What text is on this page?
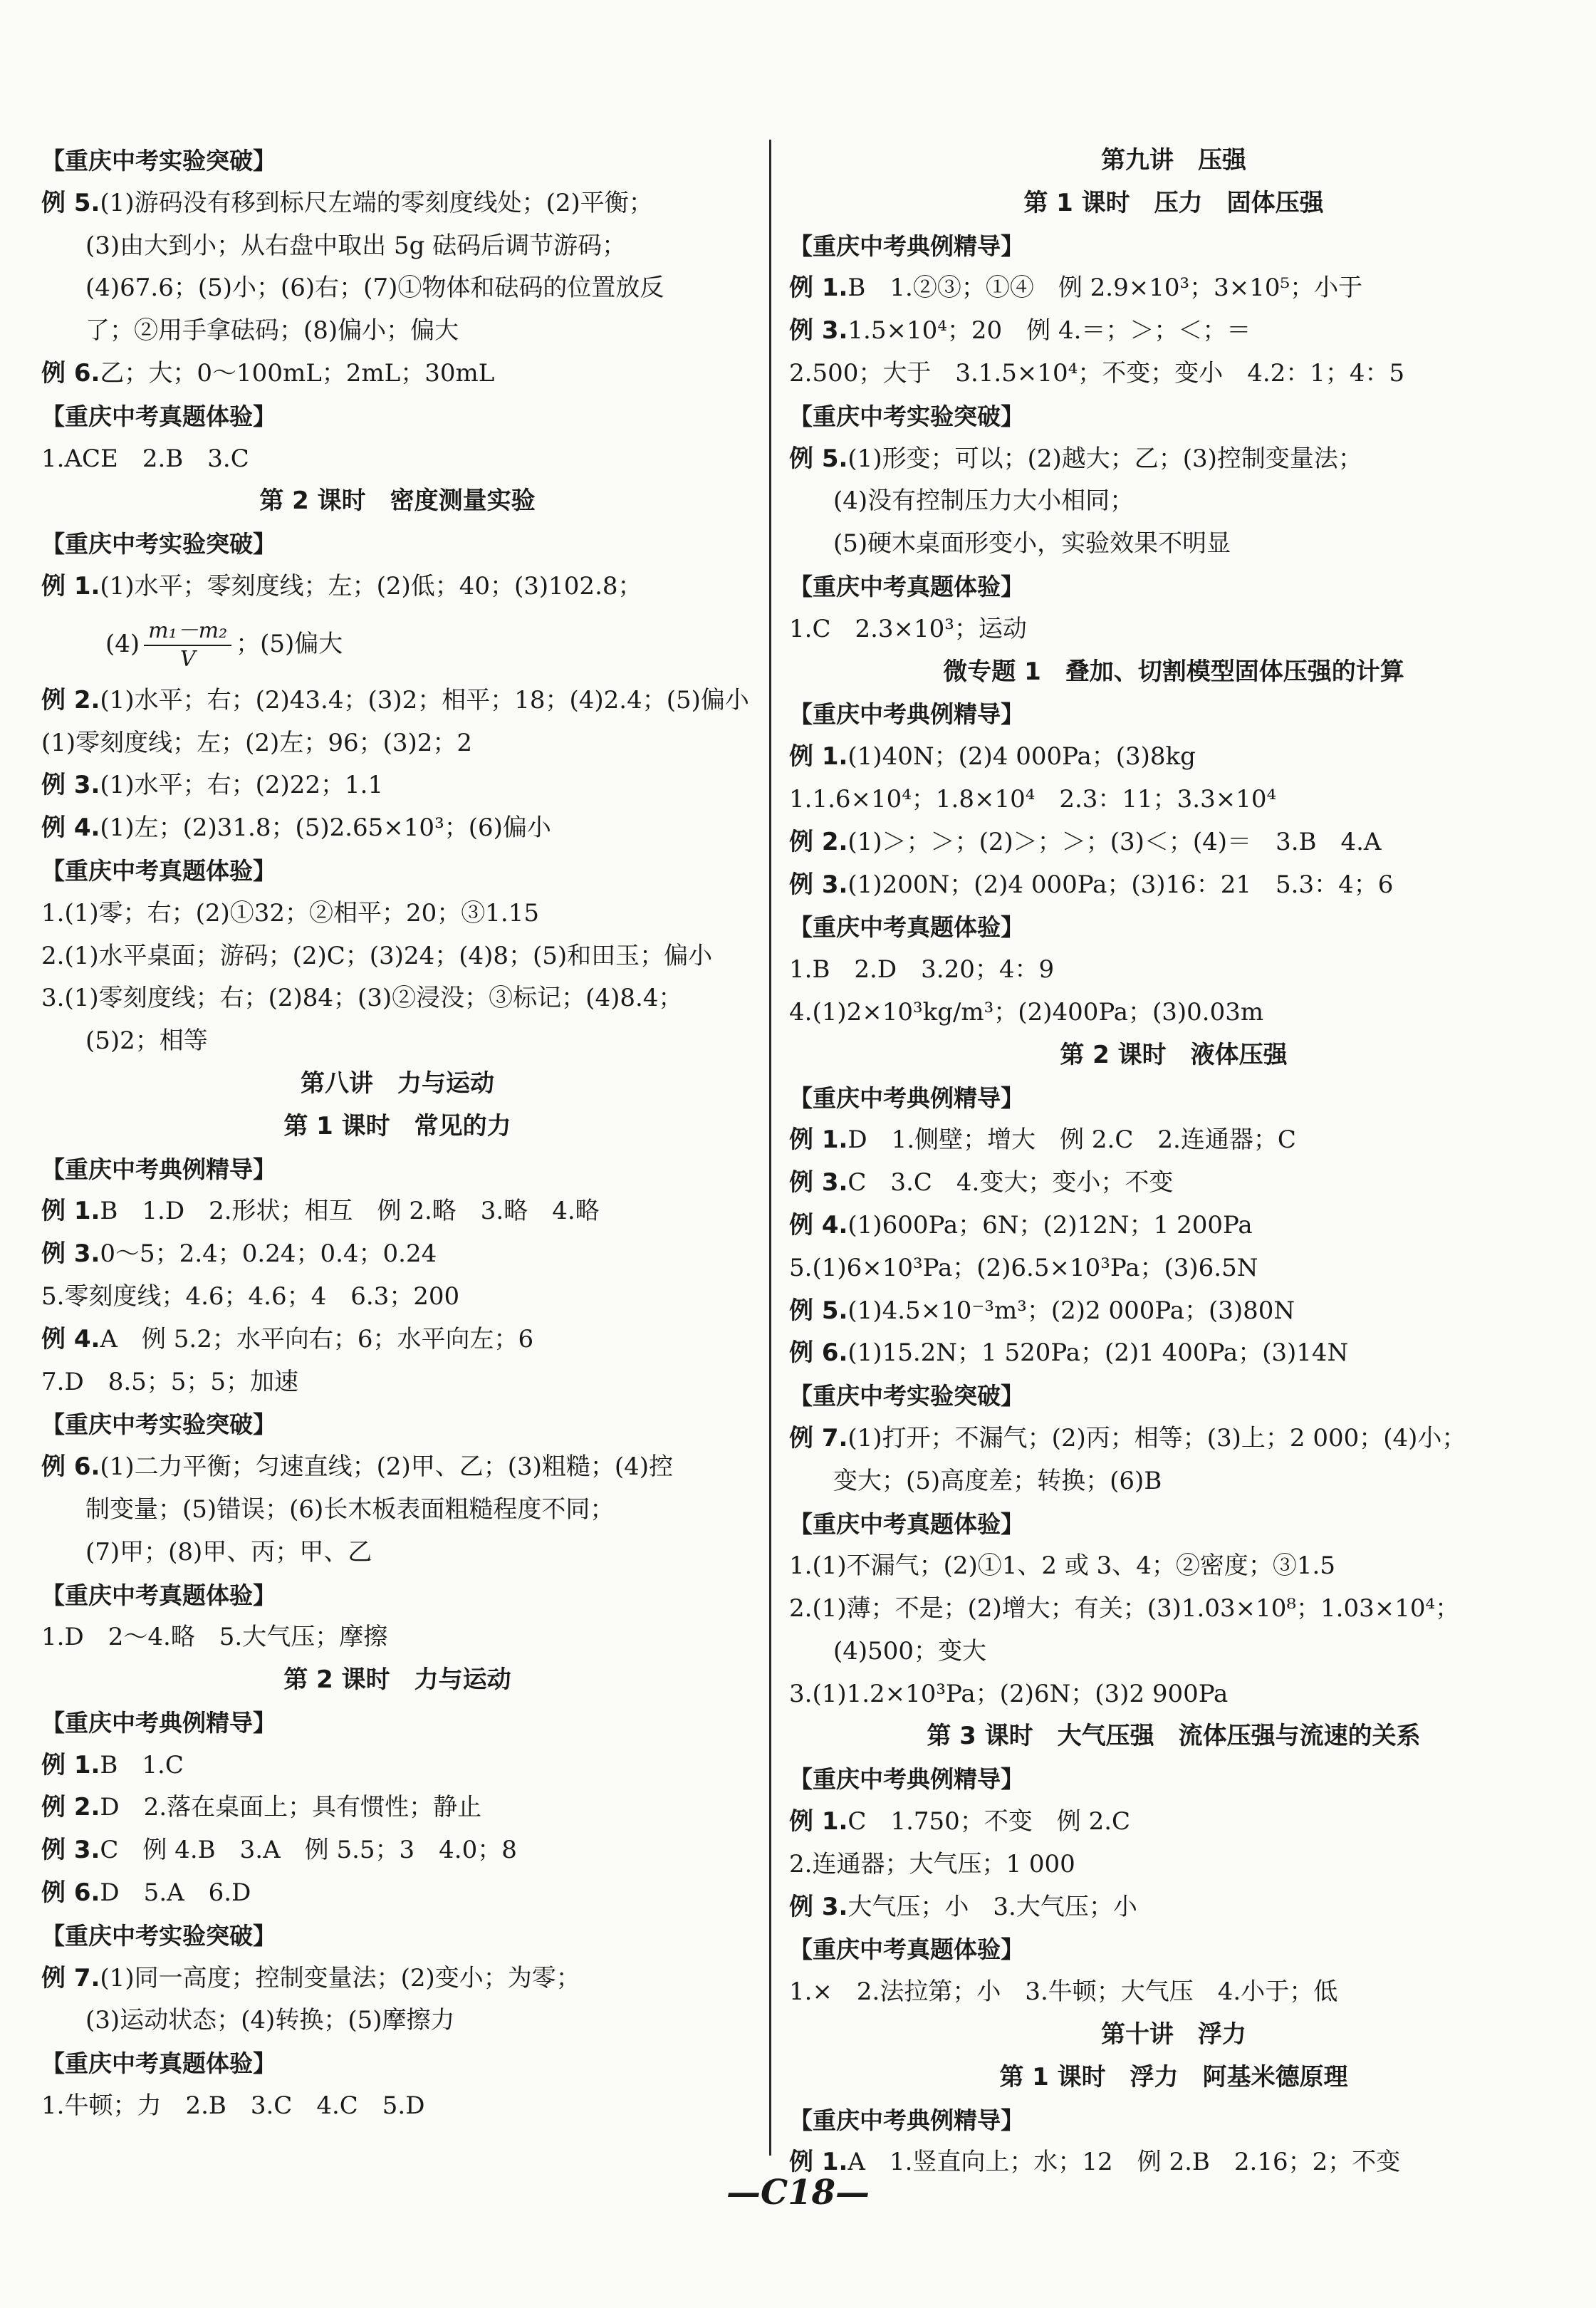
【重庆中考实验突破】
例 5.(1)游码没有移到标尺左端的零刻度线处；(2)平衡；
(3)由大到小；从右盘中取出 5g 砝码后调节游码；
(4)67.6；(5)小；(6)右；(7)①物体和砝码的位置放反
了；②用手拿砝码；(8)偏小；偏大
例 6.乙；大；0～100mL；2mL；30mL
【重庆中考真题体验】
1.ACE　2.B　3.C
第 2 课时　密度测量实验
【重庆中考实验突破】
例 1.(1)水平；零刻度线；左；(2)低；40；(3)102.8；
$(4) \frac{\text{m₁－m₂}}{V}$ ；(5)偏大
例 2.(1)水平；右；(2)43.4；(3)2；相平；18；(4)2.4；(5)偏小
(1)零刻度线；左；(2)左；96；(3)2；2
例 3.(1)水平；右；(2)22；1.1
例 4.(1)左；(2)31.8；(5)2.65×10³；(6)偏小
【重庆中考真题体验】
1.(1)零；右；(2)①32；②相平；20；③1.15
2.(1)水平桌面；游码；(2)C；(3)24；(4)8；(5)和田玉；偏小
3.(1)零刻度线；右；(2)84；(3)②浸没；③标记；(4)8.4；
(5)2；相等
第八讲　力与运动
第 1 课时　常见的力
【重庆中考典例精导】
例 1.B　1.D　2.形状；相互　例 2.略　3.略　4.略
例 3.0～5；2.4；0.24；0.4；0.24
5.零刻度线；4.6；4.6；4　6.3；200
例 4.A　例 5.2；水平向右；6；水平向左；6
7.D　8.5；5；5；加速
【重庆中考实验突破】
例 6.(1)二力平衡；匀速直线；(2)甲、乙；(3)粗糙；(4)控
制变量；(5)错误；(6)长木板表面粗糙程度不同；
(7)甲；(8)甲、丙；甲、乙
【重庆中考真题体验】
1.D　2～4.略　5.大气压；摩擦
第 2 课时　力与运动
【重庆中考典例精导】
例 1.B　1.C
例 2.D　2.落在桌面上；具有惯性；静止
例 3.C　例 4.B　3.A　例 5.5；3　4.0；8
例 6.D　5.A　6.D
【重庆中考实验突破】
例 7.(1)同一高度；控制变量法；(2)变小；为零；
(3)运动状态；(4)转换；(5)摩擦力
【重庆中考真题体验】
1.牛顿；力　2.B　3.C　4.C　5.D
第九讲　压强
第 1 课时　压力　固体压强
【重庆中考典例精导】
例 1.B　1.②③；①④　例 2.9×10³；3×10⁵；小于
例 3.1.5×10⁴；20　例 4.＝；＞；＜；＝
2.500；大于　3.1.5×10⁴；不变；变小　4.2：1；4：5
【重庆中考实验突破】
例 5.(1)形变；可以；(2)越大；乙；(3)控制变量法；
(4)没有控制压力大小相同；
(5)硬木桌面形变小，实验效果不明显
【重庆中考真题体验】
1.C　2.3×10³；运动
微专题 1　叠加、切割模型固体压强的计算
【重庆中考典例精导】
例 1.(1)40N；(2)4 000Pa；(3)8kg
1.1.6×10⁴；1.8×10⁴　2.3：11；3.3×10⁴
例 2.(1)＞；＞；(2)＞；＞；(3)＜；(4)＝　3.B　4.A
例 3.(1)200N；(2)4 000Pa；(3)16：21　5.3：4；6
【重庆中考真题体验】
1.B　2.D　3.20；4：9
4.(1)2×10³kg/m³；(2)400Pa；(3)0.03m
第 2 课时　液体压强
【重庆中考典例精导】
例 1.D　1.侧壁；增大　例 2.C　2.连通器；C
例 3.C　3.C　4.变大；变小；不变
例 4.(1)600Pa；6N；(2)12N；1 200Pa
5.(1)6×10³Pa；(2)6.5×10³Pa；(3)6.5N
例 5.(1)4.5×10⁻³m³；(2)2 000Pa；(3)80N
例 6.(1)15.2N；1 520Pa；(2)1 400Pa；(3)14N
【重庆中考实验突破】
例 7.(1)打开；不漏气；(2)丙；相等；(3)上；2 000；(4)小；
变大；(5)高度差；转换；(6)B
【重庆中考真题体验】
1.(1)不漏气；(2)①1、2 或 3、4；②密度；③1.5
2.(1)薄；不是；(2)增大；有关；(3)1.03×10⁸；1.03×10⁴；
(4)500；变大
3.(1)1.2×10³Pa；(2)6N；(3)2 900Pa
第 3 课时　大气压强　流体压强与流速的关系
【重庆中考典例精导】
例 1.C　1.750；不变　例 2.C
2.连通器；大气压；1 000
例 3.大气压；小　3.大气压；小
【重庆中考真题体验】
1.×　2.法拉第；小　3.牛顿；大气压　4.小于；低
第十讲　浮力
第 1 课时　浮力　阿基米德原理
【重庆中考典例精导】
例 1.A　1.竖直向上；水；12　例 2.B　2.16；2；不变
—C18—
